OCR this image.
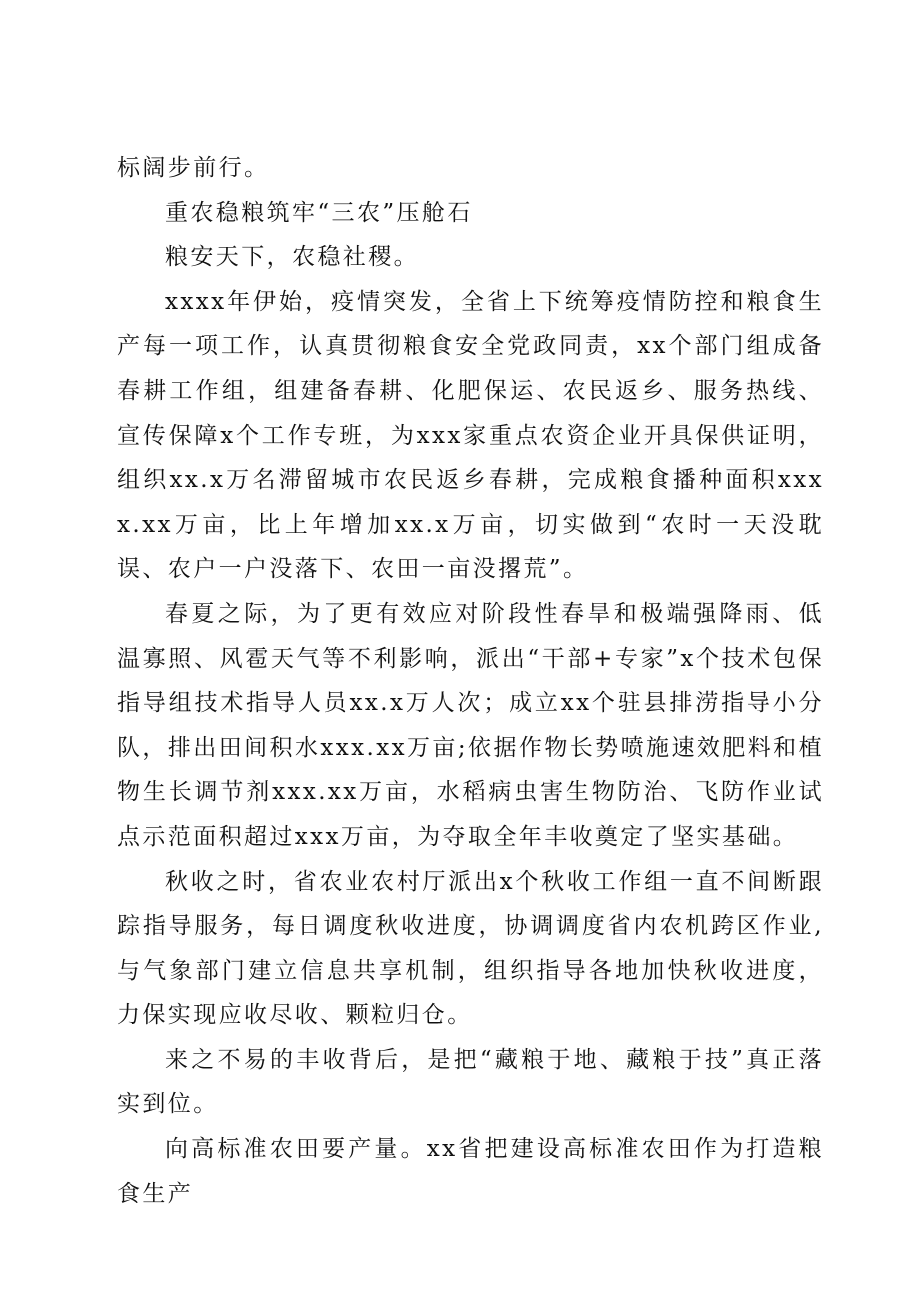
标阔步前行。

重农稳粮筑牢“三农”压舱石

粮安天下，农稳社稷。

xxxx年伊始，疫情突发，全省上下统筹疫情防控和粮食生产每一项工作，认真贯彻粮食安全党政同责，xx个部门组成备春耕工作组，组建备春耕、化肥保运、农民返乡、服务热线、宣传保障x个工作专班，为xxx家重点农资企业开具保供证明，组织xx.x万名滞留城市农民返乡春耕，完成粮食播种面积xxxx.xx万亩，比上年增加xx.x万亩，切实做到“农时一天没耽误、农户一户没落下、农田一亩没撂荒”。

春夏之际，为了更有效应对阶段性春旱和极端强降雨、低温寡照、风雹天气等不利影响，派出“干部+专家”x个技术包保指导组技术指导人员xx.x万人次；成立xx个驻县排涝指导小分队，排出田间积水xxx.xx万亩;依据作物长势喷施速效肥料和植物生长调节剂xxx.xx万亩，水稻病虫害生物防治、飞防作业试点示范面积超过xxx万亩，为夺取全年丰收奠定了坚实基础。

秋收之时，省农业农村厅派出x个秋收工作组一直不间断跟踪指导服务，每日调度秋收进度，协调调度省内农机跨区作业,与气象部门建立信息共享机制，组织指导各地加快秋收进度，力保实现应收尽收、颗粒归仓。

来之不易的丰收背后，是把“藏粮于地、藏粮于技”真正落实到位。

向高标准农田要产量。xx省把建设高标准农田作为打造粮食生产
